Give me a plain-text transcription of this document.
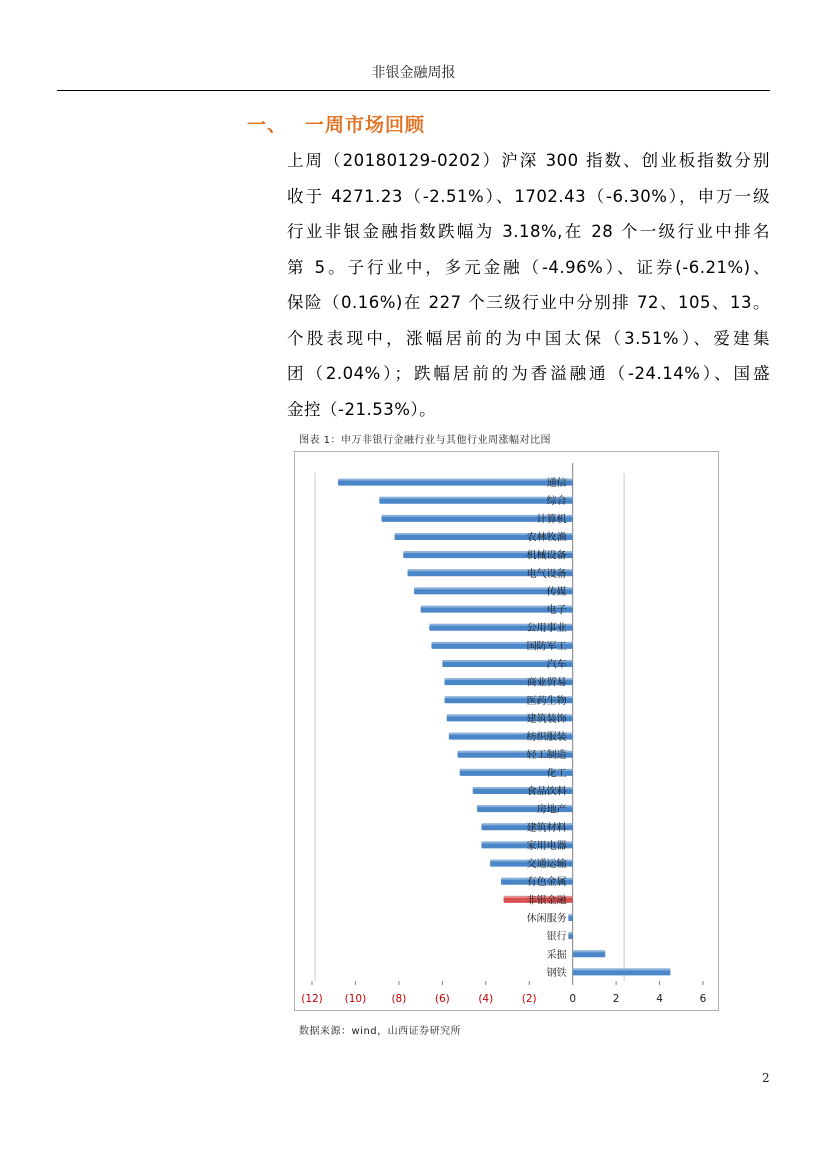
非银金融周报
一、 一周市场回顾
上周（20180129-0202）沪深 300 指数、创业板指数分别
收于 4271.23（-2.51%）、1702.43（-6.30%），申万一级
行业非银金融指数跌幅为 3.18%,在 28 个一级行业中排名
第 5。子行业中，多元金融（-4.96%）、证券(-6.21%)、
保险（0.16%)在 227 个三级行业中分别排 72、105、13。
个股表现中，涨幅居前的为中国太保（3.51%）、爱建集
团（2.04%）；跌幅居前的为香溢融通（-24.14%）、国盛
金控（-21.53%）。
图表 1：申万非银行金融行业与其他行业周涨幅对比图
通信
综合
计算机
农林牧渔
机械设备
电气设备
传媒
电子
公用事业
国防军工
汽车
商业贸易
医药生物
建筑装饰
纺织服装
轻工制造
化工
食品饮料
房地产
建筑材料
家用电器
交通运输
有色金属
非银金融
休闲服务
银行
采掘
钢铁
(12) (10) (8)	(6)	(4)	(2)	0	2	4	6
数据来源：wind，山西证券研究所
2
